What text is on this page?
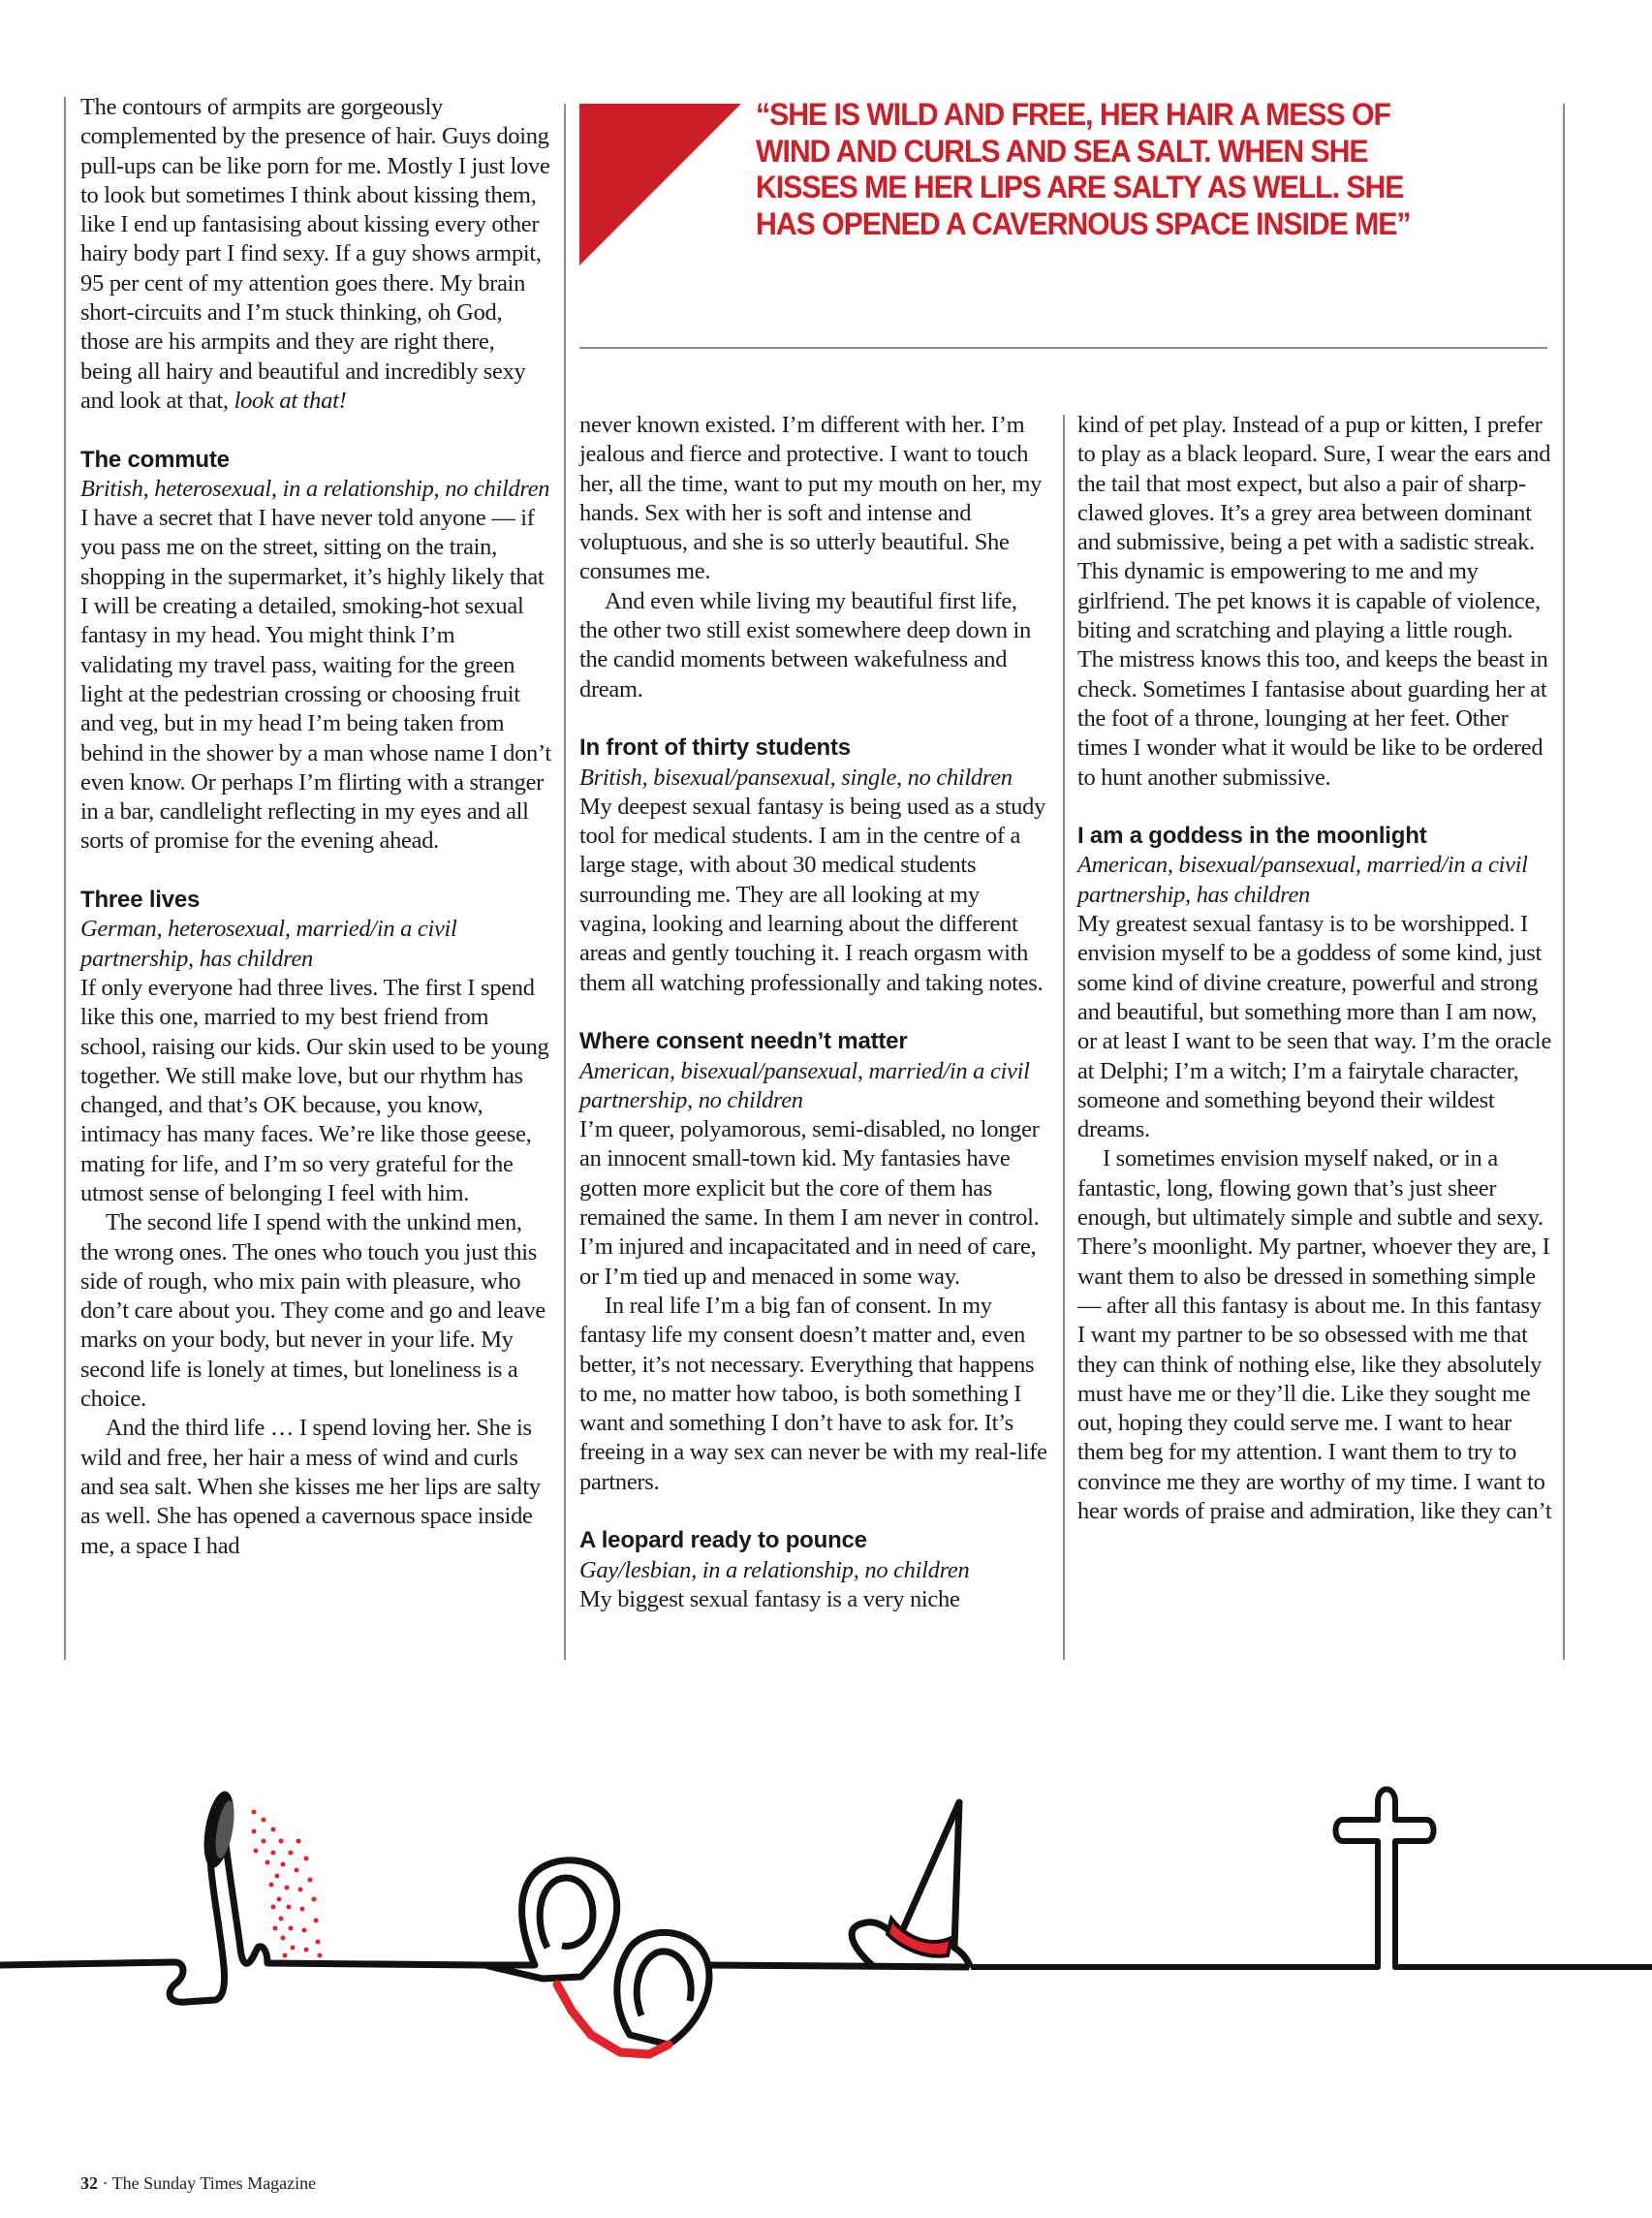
“SHE IS WILD AND FREE, HER HAIR A MESS OF
WIND AND CURLS AND SEA SALT. WHEN SHE
KISSES ME HER LIPS ARE SALTY AS WELL. SHE
HAS OPENED A CAVERNOUS SPACE INSIDE ME”

The contours of armpits are gorgeously complemented by the presence of hair. Guys doing pull-ups can be like porn for me. Mostly I just love to look but sometimes I think about kissing them, like I end up fantasising about kissing every other hairy body part I find sexy. If a guy shows armpit, 95 per cent of my attention goes there. My brain short-circuits and I’m stuck thinking, oh God, those are his armpits and they are right there, being all hairy and beautiful and incredibly sexy and look at that, look at that!

The commute

British, heterosexual, in a relationship, no children

I have a secret that I have never told anyone — if you pass me on the street, sitting on the train, shopping in the supermarket, it’s highly likely that I will be creating a detailed, smoking-hot sexual fantasy in my head. You might think I’m validating my travel pass, waiting for the green light at the pedestrian crossing or choosing fruit and veg, but in my head I’m being taken from behind in the shower by a man whose name I don’t even know. Or perhaps I’m flirting with a stranger in a bar, candlelight reflecting in my eyes and all sorts of promise for the evening ahead.

Three lives

German, heterosexual, married/in a civil partnership, has children

If only everyone had three lives. The first I spend like this one, married to my best friend from school, raising our kids. Our skin used to be young together. We still make love, but our rhythm has changed, and that’s OK because, you know, intimacy has many faces. We’re like those geese, mating for life, and I’m so very grateful for the utmost sense of belonging I feel with him.

The second life I spend with the unkind men, the wrong ones. The ones who touch you just this side of rough, who mix pain with pleasure, who don’t care about you. They come and go and leave marks on your body, but never in your life. My second life is lonely at times, but loneliness is a choice.

And the third life … I spend loving her. She is wild and free, her hair a mess of wind and curls and sea salt. When she kisses me her lips are salty as well. She has opened a cavernous space inside me, a space I had

never known existed. I’m different with her. I’m jealous and fierce and protective. I want to touch her, all the time, want to put my mouth on her, my hands. Sex with her is soft and intense and voluptuous, and she is so utterly beautiful. She consumes me.

And even while living my beautiful first life, the other two still exist somewhere deep down in the candid moments between wakefulness and dream.

In front of thirty students

British, bisexual/pansexual, single, no children

My deepest sexual fantasy is being used as a study tool for medical students. I am in the centre of a large stage, with about 30 medical students surrounding me. They are all looking at my vagina, looking and learning about the different areas and gently touching it. I reach orgasm with them all watching professionally and taking notes.

Where consent needn’t matter

American, bisexual/pansexual, married/in a civil partnership, no children

I’m queer, polyamorous, semi-disabled, no longer an innocent small-town kid. My fantasies have gotten more explicit but the core of them has remained the same. In them I am never in control. I’m injured and incapacitated and in need of care, or I’m tied up and menaced in some way.

In real life I’m a big fan of consent. In my fantasy life my consent doesn’t matter and, even better, it’s not necessary. Everything that happens to me, no matter how taboo, is both something I want and something I don’t have to ask for. It’s freeing in a way sex can never be with my real-life partners.

A leopard ready to pounce

Gay/lesbian, in a relationship, no children

My biggest sexual fantasy is a very niche

kind of pet play. Instead of a pup or kitten, I prefer to play as a black leopard. Sure, I wear the ears and the tail that most expect, but also a pair of sharp-clawed gloves. It’s a grey area between dominant and submissive, being a pet with a sadistic streak. This dynamic is empowering to me and my girlfriend. The pet knows it is capable of violence, biting and scratching and playing a little rough. The mistress knows this too, and keeps the beast in check. Sometimes I fantasise about guarding her at the foot of a throne, lounging at her feet. Other times I wonder what it would be like to be ordered to hunt another submissive.

I am a goddess in the moonlight

American, bisexual/pansexual, married/in a civil partnership, has children

My greatest sexual fantasy is to be worshipped. I envision myself to be a goddess of some kind, just some kind of divine creature, powerful and strong and beautiful, but something more than I am now, or at least I want to be seen that way. I’m the oracle at Delphi; I’m a witch; I’m a fairytale character, someone and something beyond their wildest dreams.

I sometimes envision myself naked, or in a fantastic, long, flowing gown that’s just sheer enough, but ultimately simple and subtle and sexy. There’s moonlight. My partner, whoever they are, I want them to also be dressed in something simple — after all this fantasy is about me. In this fantasy I want my partner to be so obsessed with me that they can think of nothing else, like they absolutely must have me or they’ll die. Like they sought me out, hoping they could serve me. I want to hear them beg for my attention. I want them to try to convince me they are worthy of my time. I want to hear words of praise and admiration, like they can’t

32 · The Sunday Times Magazine
